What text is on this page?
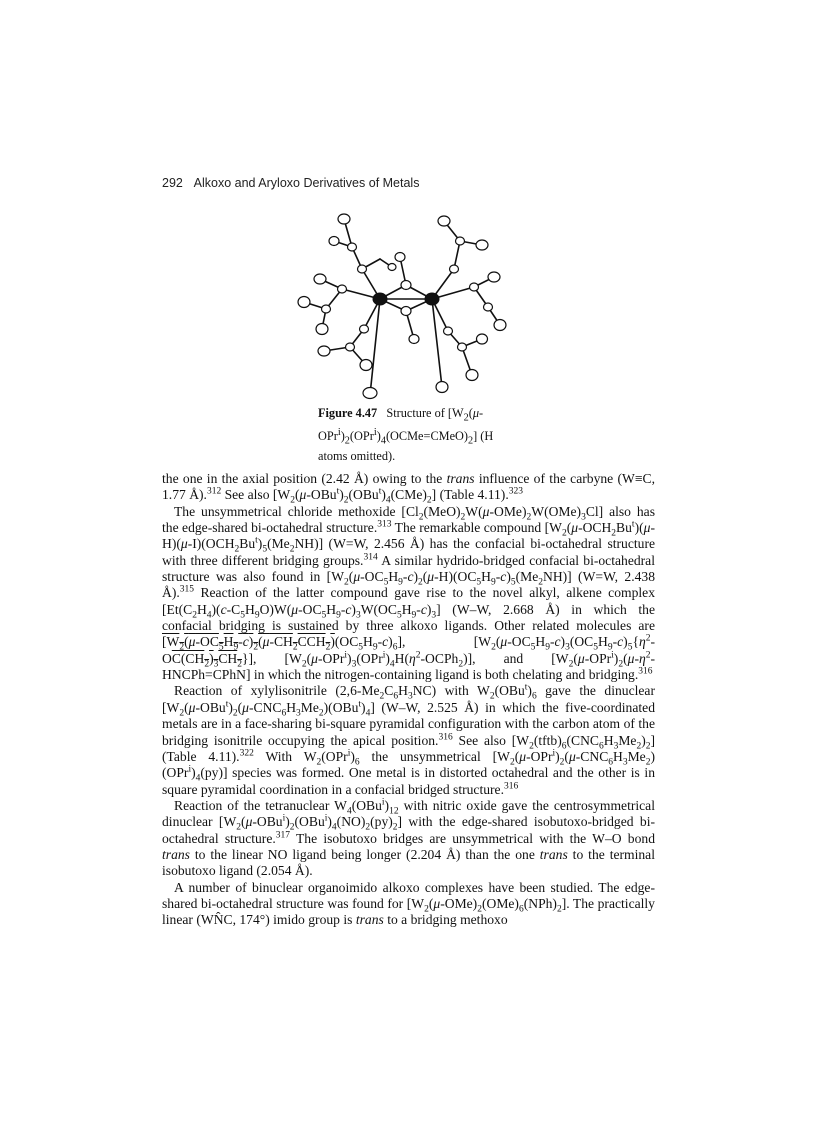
292 Alkoxo and Aryloxo Derivatives of Metals
Figure 4.47   Structure of $[W_2(\mu-OPr^i)_2(OPr^i)_4(OCMe=CMeO)_2]$ (H atoms omitted).

the one in the axial position (2.42 Å) owing to the trans influence of the carbyne (W≡C, 1.77 Å).$^{312}$ See also $[W_2(\mu-OBu^t)_2(OBu^t)_4(CMe)_2]$ (Table 4.11).$^{323}$

The unsymmetrical chloride methoxide $[Cl_2(MeO)_2W(\mu-OMe)_2W(OMe)_3Cl]$ also has the edge-shared bi-octahedral structure.$^{313}$ The remarkable compound $[W_2(\mu-OCH_2Bu^t)(\mu-H)(\mu-I)(OCH_2Bu^t)_5(Me_2NH)]$ (W=W, 2.456 Å) has the confacial bi-octahedral structure with three different bridging groups.$^{314}$ A similar hydrido-bridged confacial bi-octahedral structure was also found in $[W_2(\mu-OC_5H_9-c)_2(\mu-H)(OC_5H_9-c)_5(Me_2NH)]$ (W=W, 2.438 Å).$^{315}$ Reaction of the latter compound gave rise to the novel alkyl, alkene complex $[Et(C_2H_4)(c-C_5H_9O)W(\mu-OC_5H_9-c)_3W(OC_5H_9-c)_3]$ (W–W, 2.668 Å) in which the confacial bridging is sustained by three alkoxo ligands. Other related molecules are $[W_2(\mu-OC_5H_9-c)_2(\mu-CH_2CCH_2)(OC_5H_9-c)_6]$, $[W_2(\mu-OC_5H_9-c)_3(OC_5H_9-c)_5\{\eta^2-OC(CH_2)_3CH_2\}]$, $[W_2(\mu-OPr^i)_3(OPr^i)_4H(\eta^2-OCPh_2)]$, and [$W_2(\mu-OPr^i)_2(\mu-\eta^2-HNCPh=CPhN]$ in which the nitrogen-containing ligand is both chelating and bridging.$^{316}$

Reaction of xylylisonitrile $(2,6-Me_2C_6H_3NC)$ with $W_2(OBu^t)_6$ gave the dinuclear $[W_2(\mu-OBu^t)_2(\mu-CNC_6H_3Me_2)(OBu^t)_4]$ (W–W, 2.525 Å) in which the five-coordinated metals are in a face-sharing bi-square pyramidal configuration with the carbon atom of the bridging isonitrile occupying the apical position.$^{316}$ See also $[W_2(tftb)_6(CNC_6H_3Me_2)_2]$ (Table 4.11).$^{322}$ With $W_2(OPr^i)_6$ the unsymmetrical $[W_2(\mu-OPr^i)_2(\mu-CNC_6H_3Me_2)(OPr^i)_4(py)]$ species was formed. One metal is in distorted octahedral and the other is in square pyramidal coordination in a confacial bridged structure.$^{316}$

Reaction of the tetranuclear $W_4(OBu^i)_{12}$ with nitric oxide gave the centrosymmetrical dinuclear $[W_2(\mu-OBu^i)_2(OBu^i)_4(NO)_2(py)_2]$ with the edge-shared isobutoxo-bridged bi-octahedral structure.$^{317}$ The isobutoxo bridges are unsymmetrical with the W–O bond trans to the linear NO ligand being longer (2.204 Å) than the one trans to the terminal isobutoxo ligand (2.054 Å).

A number of binuclear organoimido alkoxo complexes have been studied. The edge-shared bi-octahedral structure was found for $[W_2(\mu-OMe)_2(OMe)_6(NPh)_2]$. The practically linear (WN̂C, 174°) imido group is trans to a bridging methoxo
